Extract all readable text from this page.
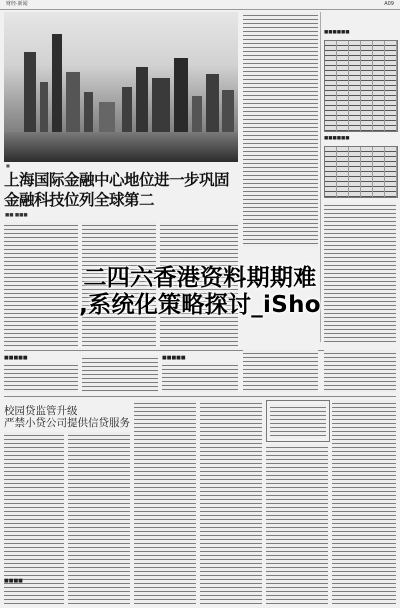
财经·新闻	A09
■
上海国际金融中心地位进一步巩固
金融科技位列全球第二
■■ ■■■
■■■■■■
■■■■■■
二四六香港资料期期难
,系统化策略探讨_iSho
■■■■■	■■■■■
校园贷监管升级
严禁小贷公司提供信贷服务
■■■■
